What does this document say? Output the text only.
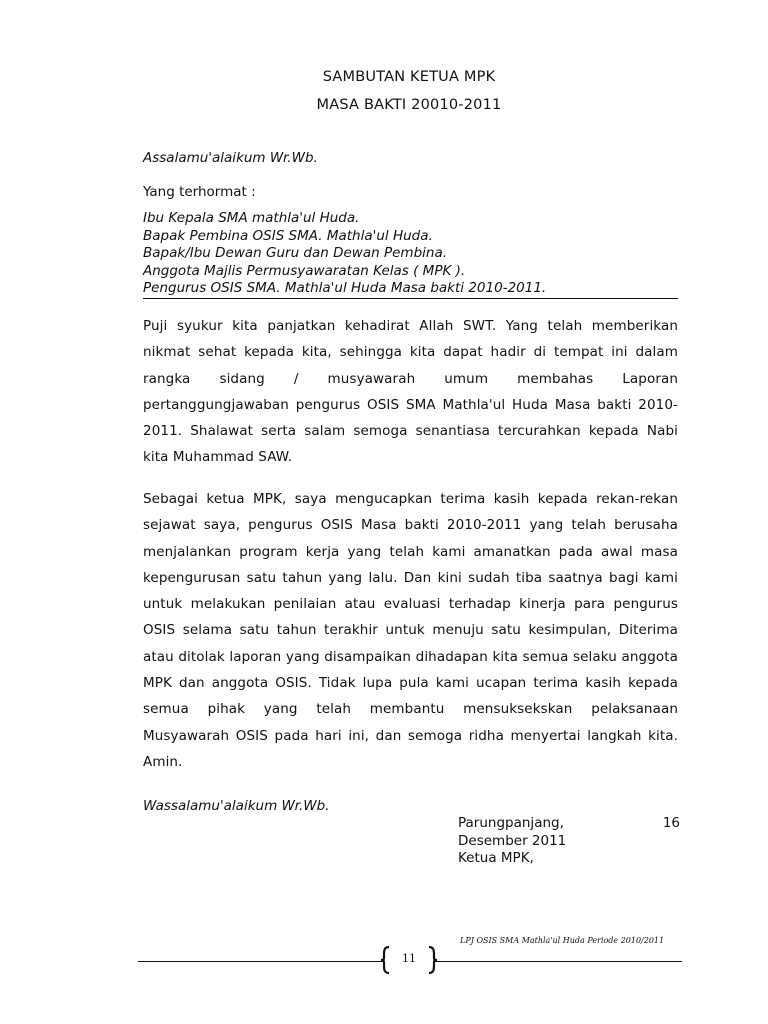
SAMBUTAN KETUA MPK
MASA BAKTI 20010-2011
Assalamu'alaikum Wr.Wb.
Yang terhormat :
Ibu Kepala SMA mathla'ul Huda.
Bapak Pembina OSIS SMA. Mathla'ul Huda.
Bapak/Ibu Dewan Guru dan Dewan Pembina.
Anggota Majlis Permusyawaratan Kelas ( MPK ).
Pengurus OSIS SMA. Mathla'ul Huda Masa bakti 2010-2011.
Puji syukur kita panjatkan kehadirat Allah SWT. Yang telah memberikan nikmat sehat kepada kita, sehingga kita dapat hadir di tempat ini dalam rangka sidang / musyawarah umum membahas Laporan pertanggungjawaban pengurus OSIS SMA Mathla'ul Huda Masa bakti 2010-2011. Shalawat serta salam semoga senantiasa tercurahkan kepada Nabi kita Muhammad SAW.
Sebagai ketua MPK, saya mengucapkan terima kasih kepada rekan-rekan sejawat saya, pengurus OSIS Masa bakti 2010-2011 yang telah berusaha menjalankan program kerja yang telah kami amanatkan pada awal masa kepengurusan satu tahun yang lalu. Dan kini sudah tiba saatnya bagi kami untuk melakukan penilaian atau evaluasi terhadap kinerja para pengurus OSIS selama satu tahun terakhir untuk menuju satu kesimpulan, Diterima atau ditolak laporan yang disampaikan dihadapan kita semua selaku anggota MPK dan anggota OSIS. Tidak lupa pula kami ucapan terima kasih kepada semua pihak yang telah membantu mensuksekskan pelaksanaan Musyawarah OSIS pada hari ini, dan semoga ridha menyertai langkah kita. Amin.
Wassalamu'alaikum Wr.Wb.
Parungpanjang,	16
Desember 2011
Ketua MPK,
LPJ OSIS SMA Mathla'ul Huda Periode 2010/2011
11
